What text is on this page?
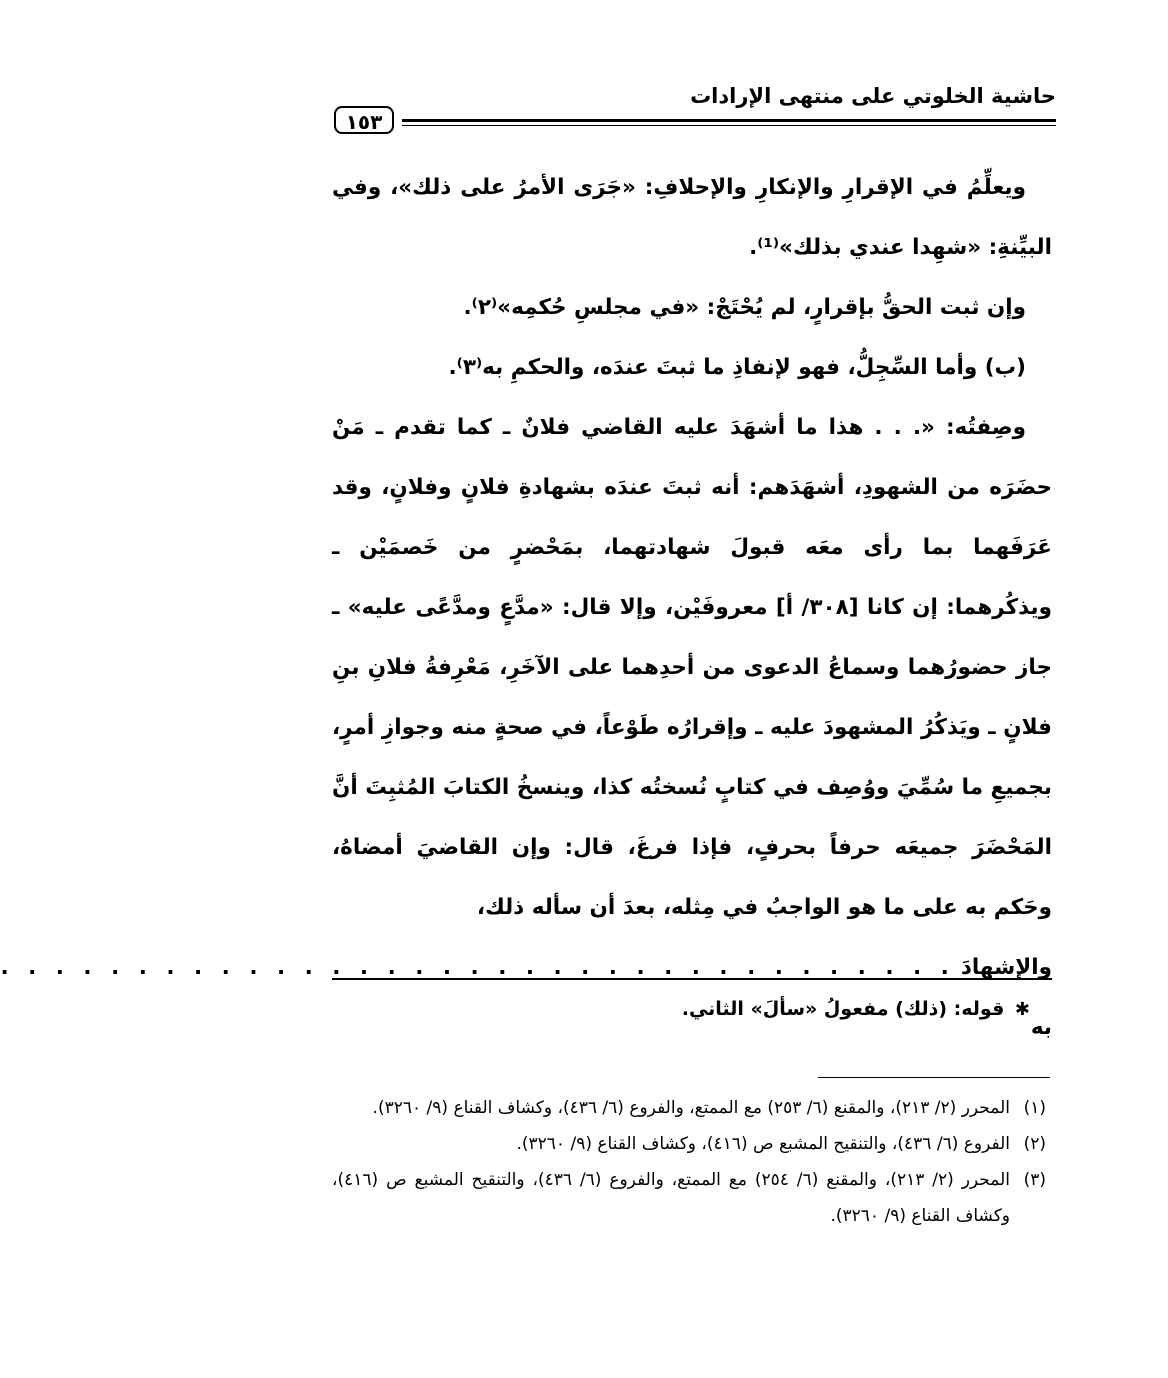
حاشية الخلوتي على منتهى الإرادات
١٥٣

ويعلِّمُ في الإقرارِ والإنكارِ والإحلافِ: «جَرَى الأمرُ على ذلك»، وفي البيِّنةِ: «شهِدا عندي بذلك»⁽¹⁾.

وإن ثبت الحقُّ بإقرارٍ، لم يُحْتَجْ: «في مجلسِ حُكمِه»⁽٢⁾.

(ب) وأما السِّجِلُّ، فهو لإنفاذِ ما ثبتَ عندَه، والحكمِ به⁽٣⁾.

وصِفتُه: «. . . هذا ما أشهَدَ عليه القاضي فلانٌ ـ كما تقدم ـ مَنْ حضَرَه من الشهودِ، أشهَدَهم: أنه ثبتَ عندَه بشهادةِ فلانٍ وفلانٍ، وقد عَرَفَهما بما رأى معَه قبولَ شهادتهما، بمَحْضرٍ من خَصمَيْن ـ ويذكُرهما: إن كانا [٣٠٨/ أ] معروفَيْن، وإلا قال: «مدَّعٍ ومدَّعًى عليه» ـ جاز حضورُهما وسماعُ الدعوى من أحدِهما على الآخَرِ، مَعْرِفةُ فلانِ بنِ فلانٍ ـ ويَذكُرُ المشهودَ عليه ـ وإقرارُه طَوْعاً، في صحةٍ منه وجوازِ أمرٍ، بجميعِ ما سُمِّيَ ووُصِف في كتابٍ نُسختُه كذا، وينسخُ الكتابَ المُثبِتَ أنَّ المَحْضَرَ جميعَه حرفاً بحرفٍ، فإذا فرغَ، قال: وإن القاضيَ أمضاهُ، وحَكم به على ما هو الواجبُ في مِثله، بعدَ أن سأله ذلك،

والإشهادَ به
. . . . . . . . . . . . . . . . . . . . . . . . . . . . . . . . . . .
✱ قوله: (ذلك) مفعولُ «سألَ» الثاني.
(١)
المحرر (٢/ ٢١٣)، والمقنع (٦/ ٢٥٣) مع الممتع، والفروع (٦/ ٤٣٦)، وكشاف القناع (٩/ ٣٢٦٠).
(٢)
الفروع (٦/ ٤٣٦)، والتنقيح المشبع ص (٤١٦)، وكشاف القناع (٩/ ٣٢٦٠).
(٣)
المحرر (٢/ ٢١٣)، والمقنع (٦/ ٢٥٤) مع الممتع، والفروع (٦/ ٤٣٦)، والتنقيح المشبع ص (٤١٦)، وكشاف القناع (٩/ ٣٢٦٠).
